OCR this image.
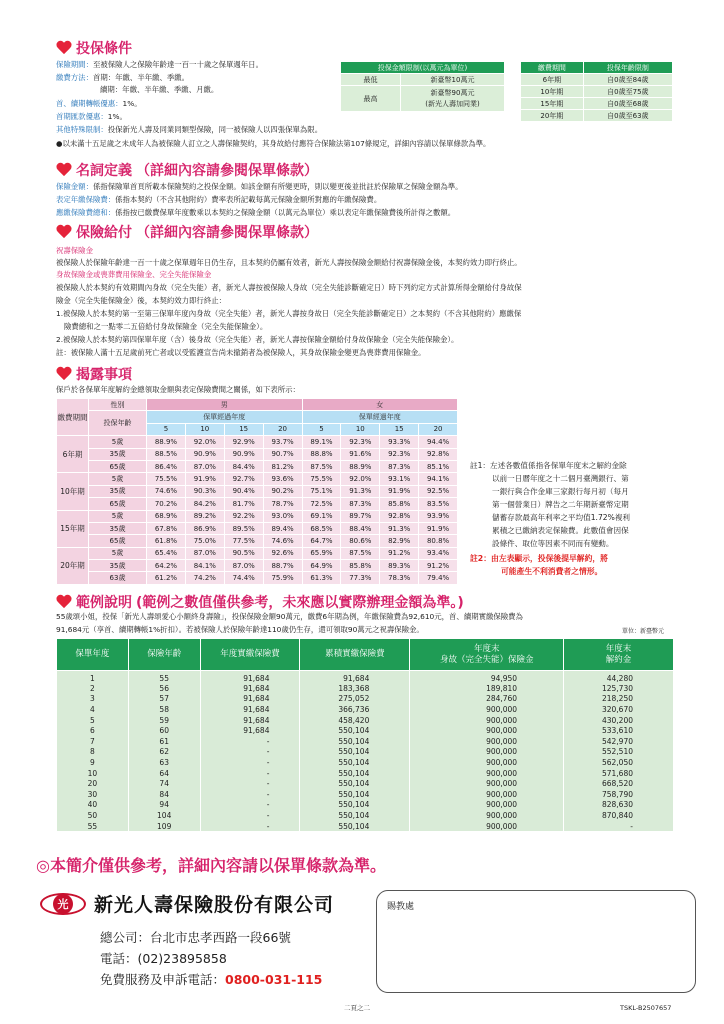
投保條件
保險期間：至被保險人之保險年齡達一百一十歲之保單週年日。
繳費方法：首期：年繳、半年繳、季繳。
續期：年繳、半年繳、季繳、月繳。
首、續期轉帳優惠：1%。
首期匯款優惠：1%。
其他特殊限制：投保新光人壽及同業同類型保險，同一被保險人以四張保單為限。
●以未滿十五足歲之未成年人為被保險人訂立之人壽保險契約，其身故給付應符合保險法第107條規定，詳細內容請以保單條款為準。
投保金額限制(以萬元為單位)	
最低	新臺幣10萬元
最高	新臺幣90萬元
(新光人壽加同業)
繳費期間	投保年齡限制
6年期	自0歲至84歲
10年期	自0歲至75歲
15年期	自0歲至68歲
20年期	自0歲至63歲
名詞定義 （詳細內容請參閱保單條款）
保險金額：係指保險單首頁所載本保險契約之投保金額。如該金額有所變更時，則以變更後並批註於保險單之保險金額為準。
表定年繳保險費：係指本契約（不含其他附約）費率表所記載每萬元保險金額所對應的年繳保險費。
應繳保險費總和：係指按已繳費保單年度數乘以本契約之保險金額（以萬元為單位）乘以表定年繳保險費後所計得之數額。
保險給付 （詳細內容請參閱保單條款）
祝壽保險金
被保險人於保險年齡達一百一十歲之保單週年日仍生存，且本契約仍屬有效者，新光人壽按保險金額給付祝壽保險金後，本契約效力即行終止。
身故保險金或喪葬費用保險金、完全失能保險金
被保險人於本契約有效期間內身故（完全失能）者，新光人壽按被保險人身故（完全失能診斷確定日）時下列約定方式計算所得金額給付身故保
險金（完全失能保險金）後，本契約效力即行終止：
1.被保險人於本契約第一至第三保單年度內身故（完全失能）者，新光人壽按身故日（完全失能診斷確定日）之本契約（不含其他附約）應繳保
險費總和之一點零二五倍給付身故保險金（完全失能保險金）。
2.被保險人於本契約第四保單年度（含）後身故（完全失能）者，新光人壽按保險金額給付身故保險金（完全失能保險金）。
註：被保險人滿十五足歲前死亡者或以受監護宣告尚未撤銷者為被保險人，其身故保險金變更為喪葬費用保險金。
揭露事項
保戶於各保單年度解約金總領取金額與表定保險費間之關係，如下表所示：
繳費期間	性別	男				女			
	投保年齡	保單經過年度				保單經過年度			
		5	10	15	20	5	10	15	20
6年期	5歲	88.9%	92.0%	92.9%	93.7%	89.1%	92.3%	93.3%	94.4%
	35歲	88.5%	90.9%	90.9%	90.7%	88.8%	91.6%	92.3%	92.8%
	65歲	86.4%	87.0%	84.4%	81.2%	87.5%	88.9%	87.3%	85.1%
10年期	5歲	75.5%	91.9%	92.7%	93.6%	75.5%	92.0%	93.1%	94.1%
	35歲	74.6%	90.3%	90.4%	90.2%	75.1%	91.3%	91.9%	92.5%
	65歲	70.2%	84.2%	81.7%	78.7%	72.5%	87.3%	85.8%	83.5%
15年期	5歲	68.9%	89.2%	92.2%	93.0%	69.1%	89.7%	92.8%	93.9%
	35歲	67.8%	86.9%	89.5%	89.4%	68.5%	88.4%	91.3%	91.9%
	65歲	61.8%	75.0%	77.5%	74.6%	64.7%	80.6%	82.9%	80.8%
20年期	5歲	65.4%	87.0%	90.5%	92.6%	65.9%	87.5%	91.2%	93.4%
	35歲	64.2%	84.1%	87.0%	88.7%	64.9%	85.8%	89.3%	91.2%
	63歲	61.2%	74.2%	74.4%	75.9%	61.3%	77.3%	78.3%	79.4%
註1：左述各數值係指各保單年度末之解約金除
以前一日曆年度之十二個月臺灣銀行、第
一銀行與合作金庫三家銀行每月初（每月
第一個營業日）牌告之二年期新臺幣定期
儲蓄存款最高年利率之平均值1.72%複利
累積之已繳納表定保險費。此數值會因保
設條件、取位等因素不同而有變動。
註2：由左表顯示，投保後提早解約，將
可能產生不利消費者之情形。
範例說明 (範例之數值僅供參考，未來應以實際辦理金額為準。)
55歲頌小姐，投保「新光人壽頌愛心小額終身壽險」，投保保險金額90萬元，繳費6年期為例，年繳保險費為92,610元，首、續期實繳保險費為
91,684元（享首、續期轉帳1%折扣）。若被保險人於保險年齡達110歲仍生存，還可領取90萬元之祝壽保險金。	單位：新臺幣元
保單年度	保險年齡	年度實繳保險費	累積實繳保險費	年度末
身故（完全失能）保險金	年度末
解約金
1	55	91,684	91,684	94,950	44,280
2	56	91,684	183,368	189,810	125,730
3	57	91,684	275,052	284,760	218,250
4	58	91,684	366,736	900,000	320,670
5	59	91,684	458,420	900,000	430,200
6	60	91,684	550,104	900,000	533,610
7	61	-	550,104	900,000	542,970
8	62	-	550,104	900,000	552,510
9	63	-	550,104	900,000	562,050
10	64	-	550,104	900,000	571,680
20	74	-	550,104	900,000	668,520
30	84	-	550,104	900,000	758,790
40	94	-	550,104	900,000	828,630
50	104	-	550,104	900,000	870,840
55	109	-	550,104	900,000	-
◎本簡介僅供參考，詳細內容請以保單條款為準。
光 新光人壽保險股份有限公司
總公司：台北市忠孝西路一段66號
電話：(02)23895858
免費服務及申訴電話：0800-031-115
賜教處
二頁之二	TSKL-B2507657
